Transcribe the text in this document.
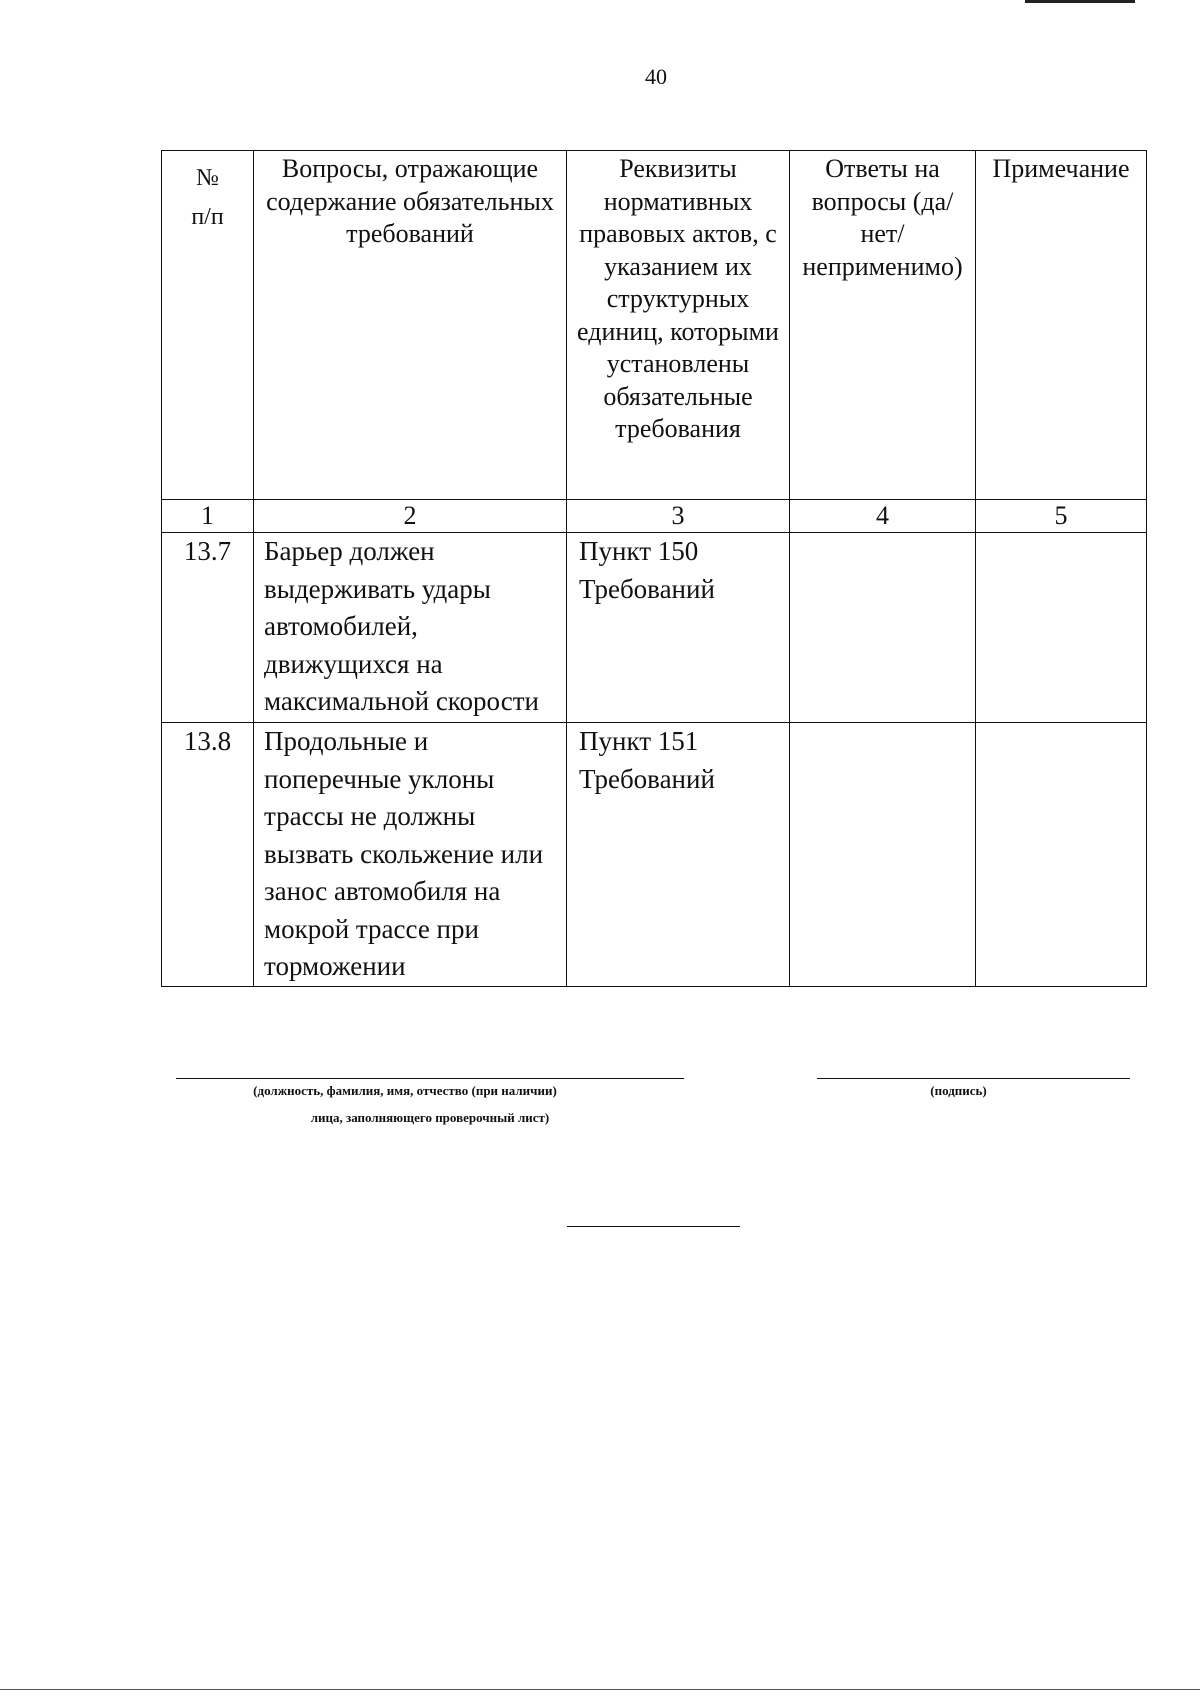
40
№
п/п	Вопросы, отражающие содержание обязательных требований	Реквизиты нормативных правовых актов, с указанием их структурных единиц, которыми установлены обязательные требования	Ответы на вопросы (да/нет/ неприменимо)	Примечание

1	2	3	4	5
13.7	Барьер должен выдерживать удары автомобилей, движущихся на максимальной скорости	Пункт 150 Требований		
13.8	Продольные и поперечные уклоны трассы не должны вызвать скольжение или занос автомобиля на мокрой трассе при торможении	Пункт 151 Требований		
(должность, фамилия, имя, отчество (при наличии)
лица, заполняющего проверочный лист)
(подпись)
